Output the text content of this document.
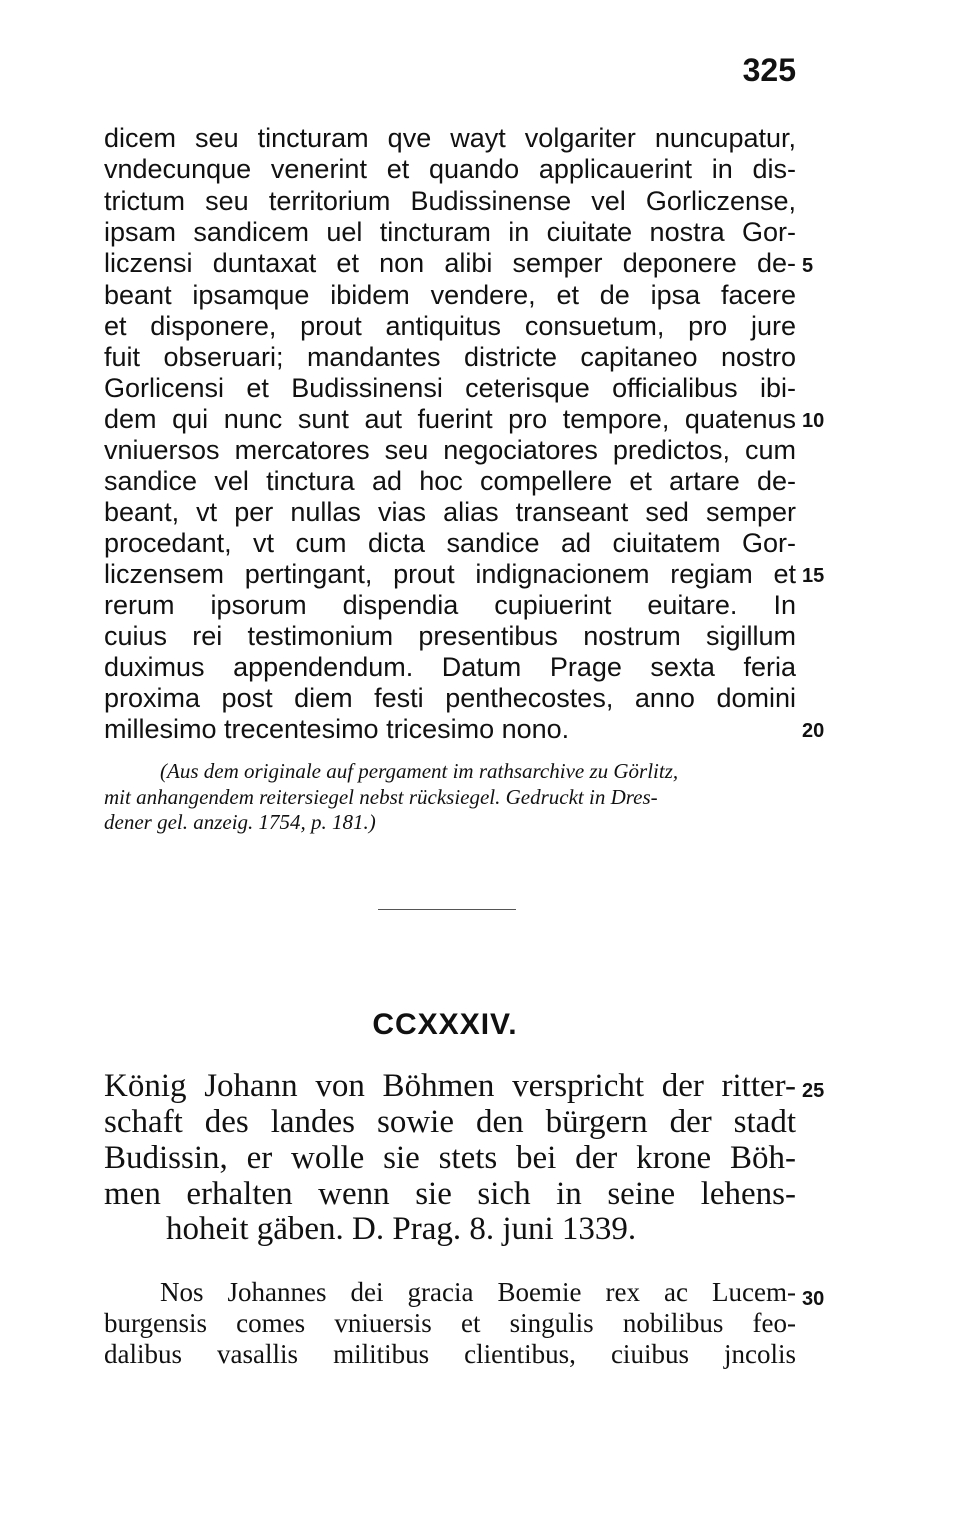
325
dicem seu tincturam qve wayt volgariter nuncupatur,
vndecunque venerint et quando applicauerint in dis-
trictum seu territorium Budissinense vel Gorliczense,
ipsam sandicem uel tincturam in ciuitate nostra Gor-
liczensi duntaxat et non alibi semper deponere de-
beant ipsamque ibidem vendere, et de ipsa facere
et disponere, prout antiquitus consuetum, pro jure
fuit obseruari; mandantes districte capitaneo nostro
Gorlicensi et Budissinensi ceterisque officialibus ibi-
dem qui nunc sunt aut fuerint pro tempore, quatenus
vniuersos mercatores seu negociatores predictos, cum
sandice vel tinctura ad hoc compellere et artare de-
beant, vt per nullas vias alias transeant sed semper
procedant, vt cum dicta sandice ad ciuitatem Gor-
liczensem pertingant, prout indignacionem regiam et
rerum ipsorum dispendia cupiuerint euitare. In
cuius rei testimonium presentibus nostrum sigillum
duximus appendendum. Datum Prage sexta feria
proxima post diem festi penthecostes, anno domini
millesimo trecentesimo tricesimo nono.
(Aus dem originale auf pergament im rathsarchive zu Görlitz,
mit anhangendem reitersiegel nebst rücksiegel. Gedruckt in Dres-
dener gel. anzeig. 1754, p. 181.)
CCXXXIV.
König Johann von Böhmen verspricht der ritter-
schaft des landes sowie den bürgern der stadt
Budissin, er wolle sie stets bei der krone Böh-
men erhalten wenn sie sich in seine lehens-
hoheit gäben. D. Prag. 8. juni 1339.
Nos Johannes dei gracia Boemie rex ac Lucem-
burgensis comes vniuersis et singulis nobilibus feo-
dalibus vasallis militibus clientibus, ciuibus jncolis
5
10
15
20
25
30
